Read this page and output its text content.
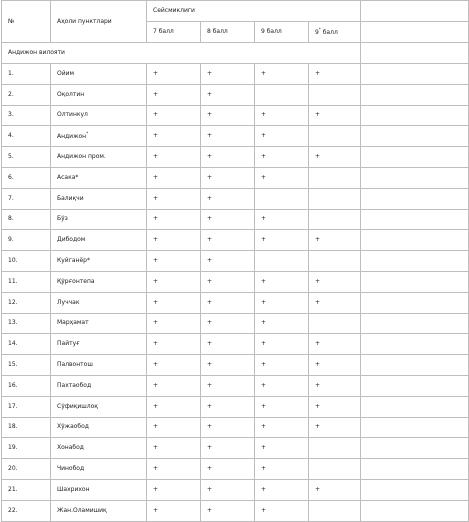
№	Аҳоли пунктлари	Сейсмиклиги				
		7 балл	8 балл	9 балл	9* балл	
Андижон вилояти						
1.	Ойим	+	+	+	+	
2.	Оқолтин	+	+			
3.	Олтинкул	+	+	+	+	
4.	Андижон*	+	+	+		
5.	Андижон пром.	+	+	+	+	
6.	Асака*	+	+	+		
7.	Балиқчи	+	+			
8.	Бўз	+	+	+		
9.	Дибодом	+	+	+	+	
10.	Куйганёр*	+	+			
11.	Қўрғонтепа	+	+	+	+	
12.	Луччак	+	+	+	+	
13.	Марҳамат	+	+	+		
14.	Пайтуғ	+	+	+	+	
15.	Палвонтош	+	+	+	+	
16.	Пахтаобод	+	+	+	+	
17.	Сўфиқишлоқ	+	+	+	+	
18.	Хўжаобод	+	+	+	+	
19.	Хонабод	+	+	+		
20.	Чинобод	+	+	+		
21.	Шахрихон	+	+	+	+	
22.	Жан.Оламишиқ	+	+	+		
